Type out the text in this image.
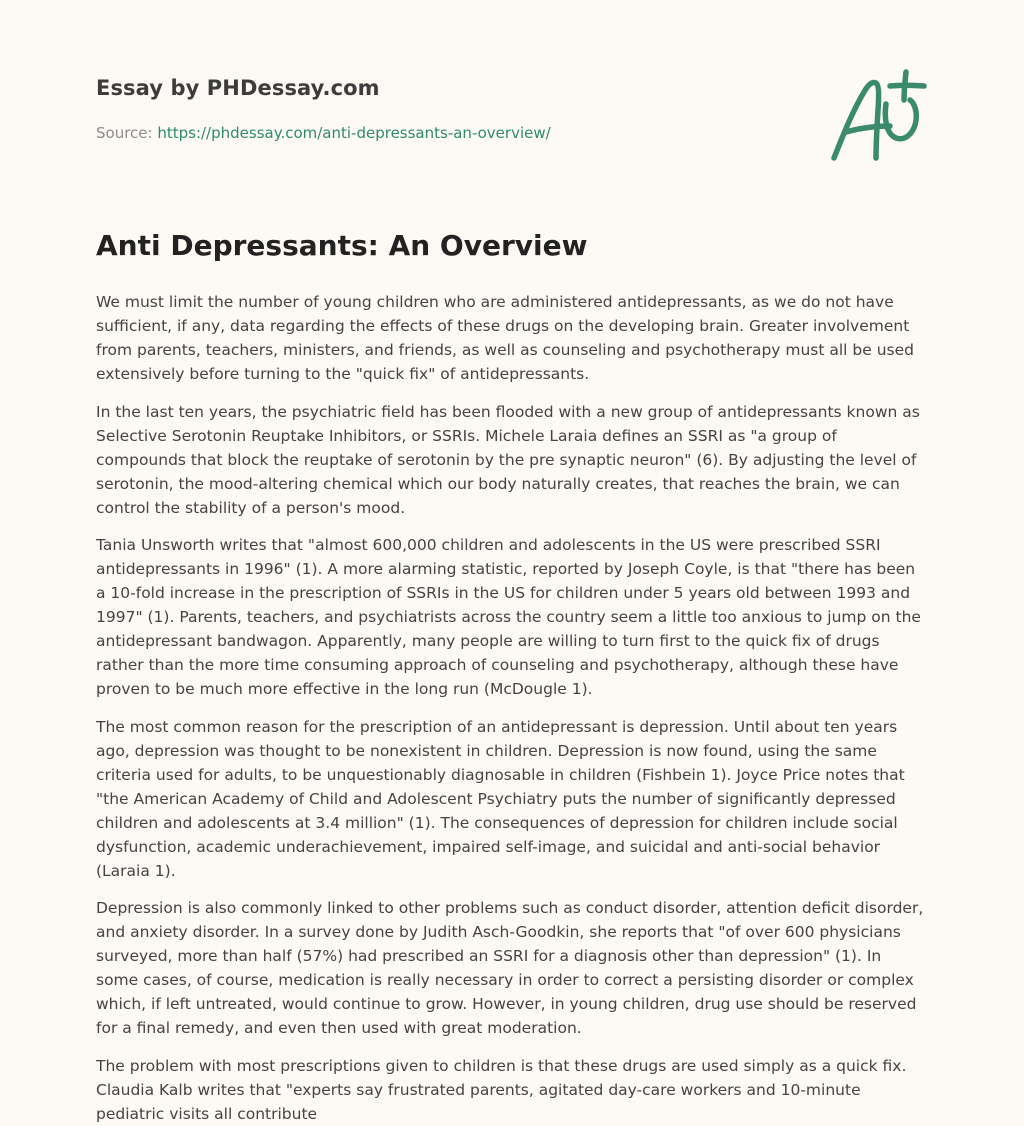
Essay by PHDessay.com
Source: https://phdessay.com/anti-depressants-an-overview/
Anti Depressants: An Overview

We must limit the number of young children who are administered antidepressants, as we do not have sufficient, if any, data regarding the effects of these drugs on the developing brain. Greater involvement from parents, teachers, ministers, and friends, as well as counseling and psychotherapy must all be used extensively before turning to the "quick fix" of antidepressants.

In the last ten years, the psychiatric field has been flooded with a new group of antidepressants known as Selective Serotonin Reuptake Inhibitors, or SSRIs. Michele Laraia defines an SSRI as "a group of compounds that block the reuptake of serotonin by the pre synaptic neuron" (6). By adjusting the level of serotonin, the mood-altering chemical which our body naturally creates, that reaches the brain, we can control the stability of a person's mood.

Tania Unsworth writes that "almost 600,000 children and adolescents in the US were prescribed SSRI antidepressants in 1996" (1). A more alarming statistic, reported by Joseph Coyle, is that "there has been a 10-fold increase in the prescription of SSRIs in the US for children under 5 years old between 1993 and 1997" (1). Parents, teachers, and psychiatrists across the country seem a little too anxious to jump on the antidepressant bandwagon. Apparently, many people are willing to turn first to the quick fix of drugs rather than the more time consuming approach of counseling and psychotherapy, although these have proven to be much more effective in the long run (McDougle 1).

The most common reason for the prescription of an antidepressant is depression. Until about ten years ago, depression was thought to be nonexistent in children. Depression is now found, using the same criteria used for adults, to be unquestionably diagnosable in children (Fishbein 1). Joyce Price notes that "the American Academy of Child and Adolescent Psychiatry puts the number of significantly depressed children and adolescents at 3.4 million" (1). The consequences of depression for children include social dysfunction, academic underachievement, impaired self-image, and suicidal and anti-social behavior (Laraia 1).

Depression is also commonly linked to other problems such as conduct disorder, attention deficit disorder, and anxiety disorder. In a survey done by Judith Asch-Goodkin, she reports that "of over 600 physicians surveyed, more than half (57%) had prescribed an SSRI for a diagnosis other than depression" (1). In some cases, of course, medication is really necessary in order to correct a persisting disorder or complex which, if left untreated, would continue to grow. However, in young children, drug use should be reserved for a final remedy, and even then used with great moderation.

The problem with most prescriptions given to children is that these drugs are used simply as a quick fix. Claudia Kalb writes that "experts say frustrated parents, agitated day-care workers and 10-minute pediatric visits all contribute
